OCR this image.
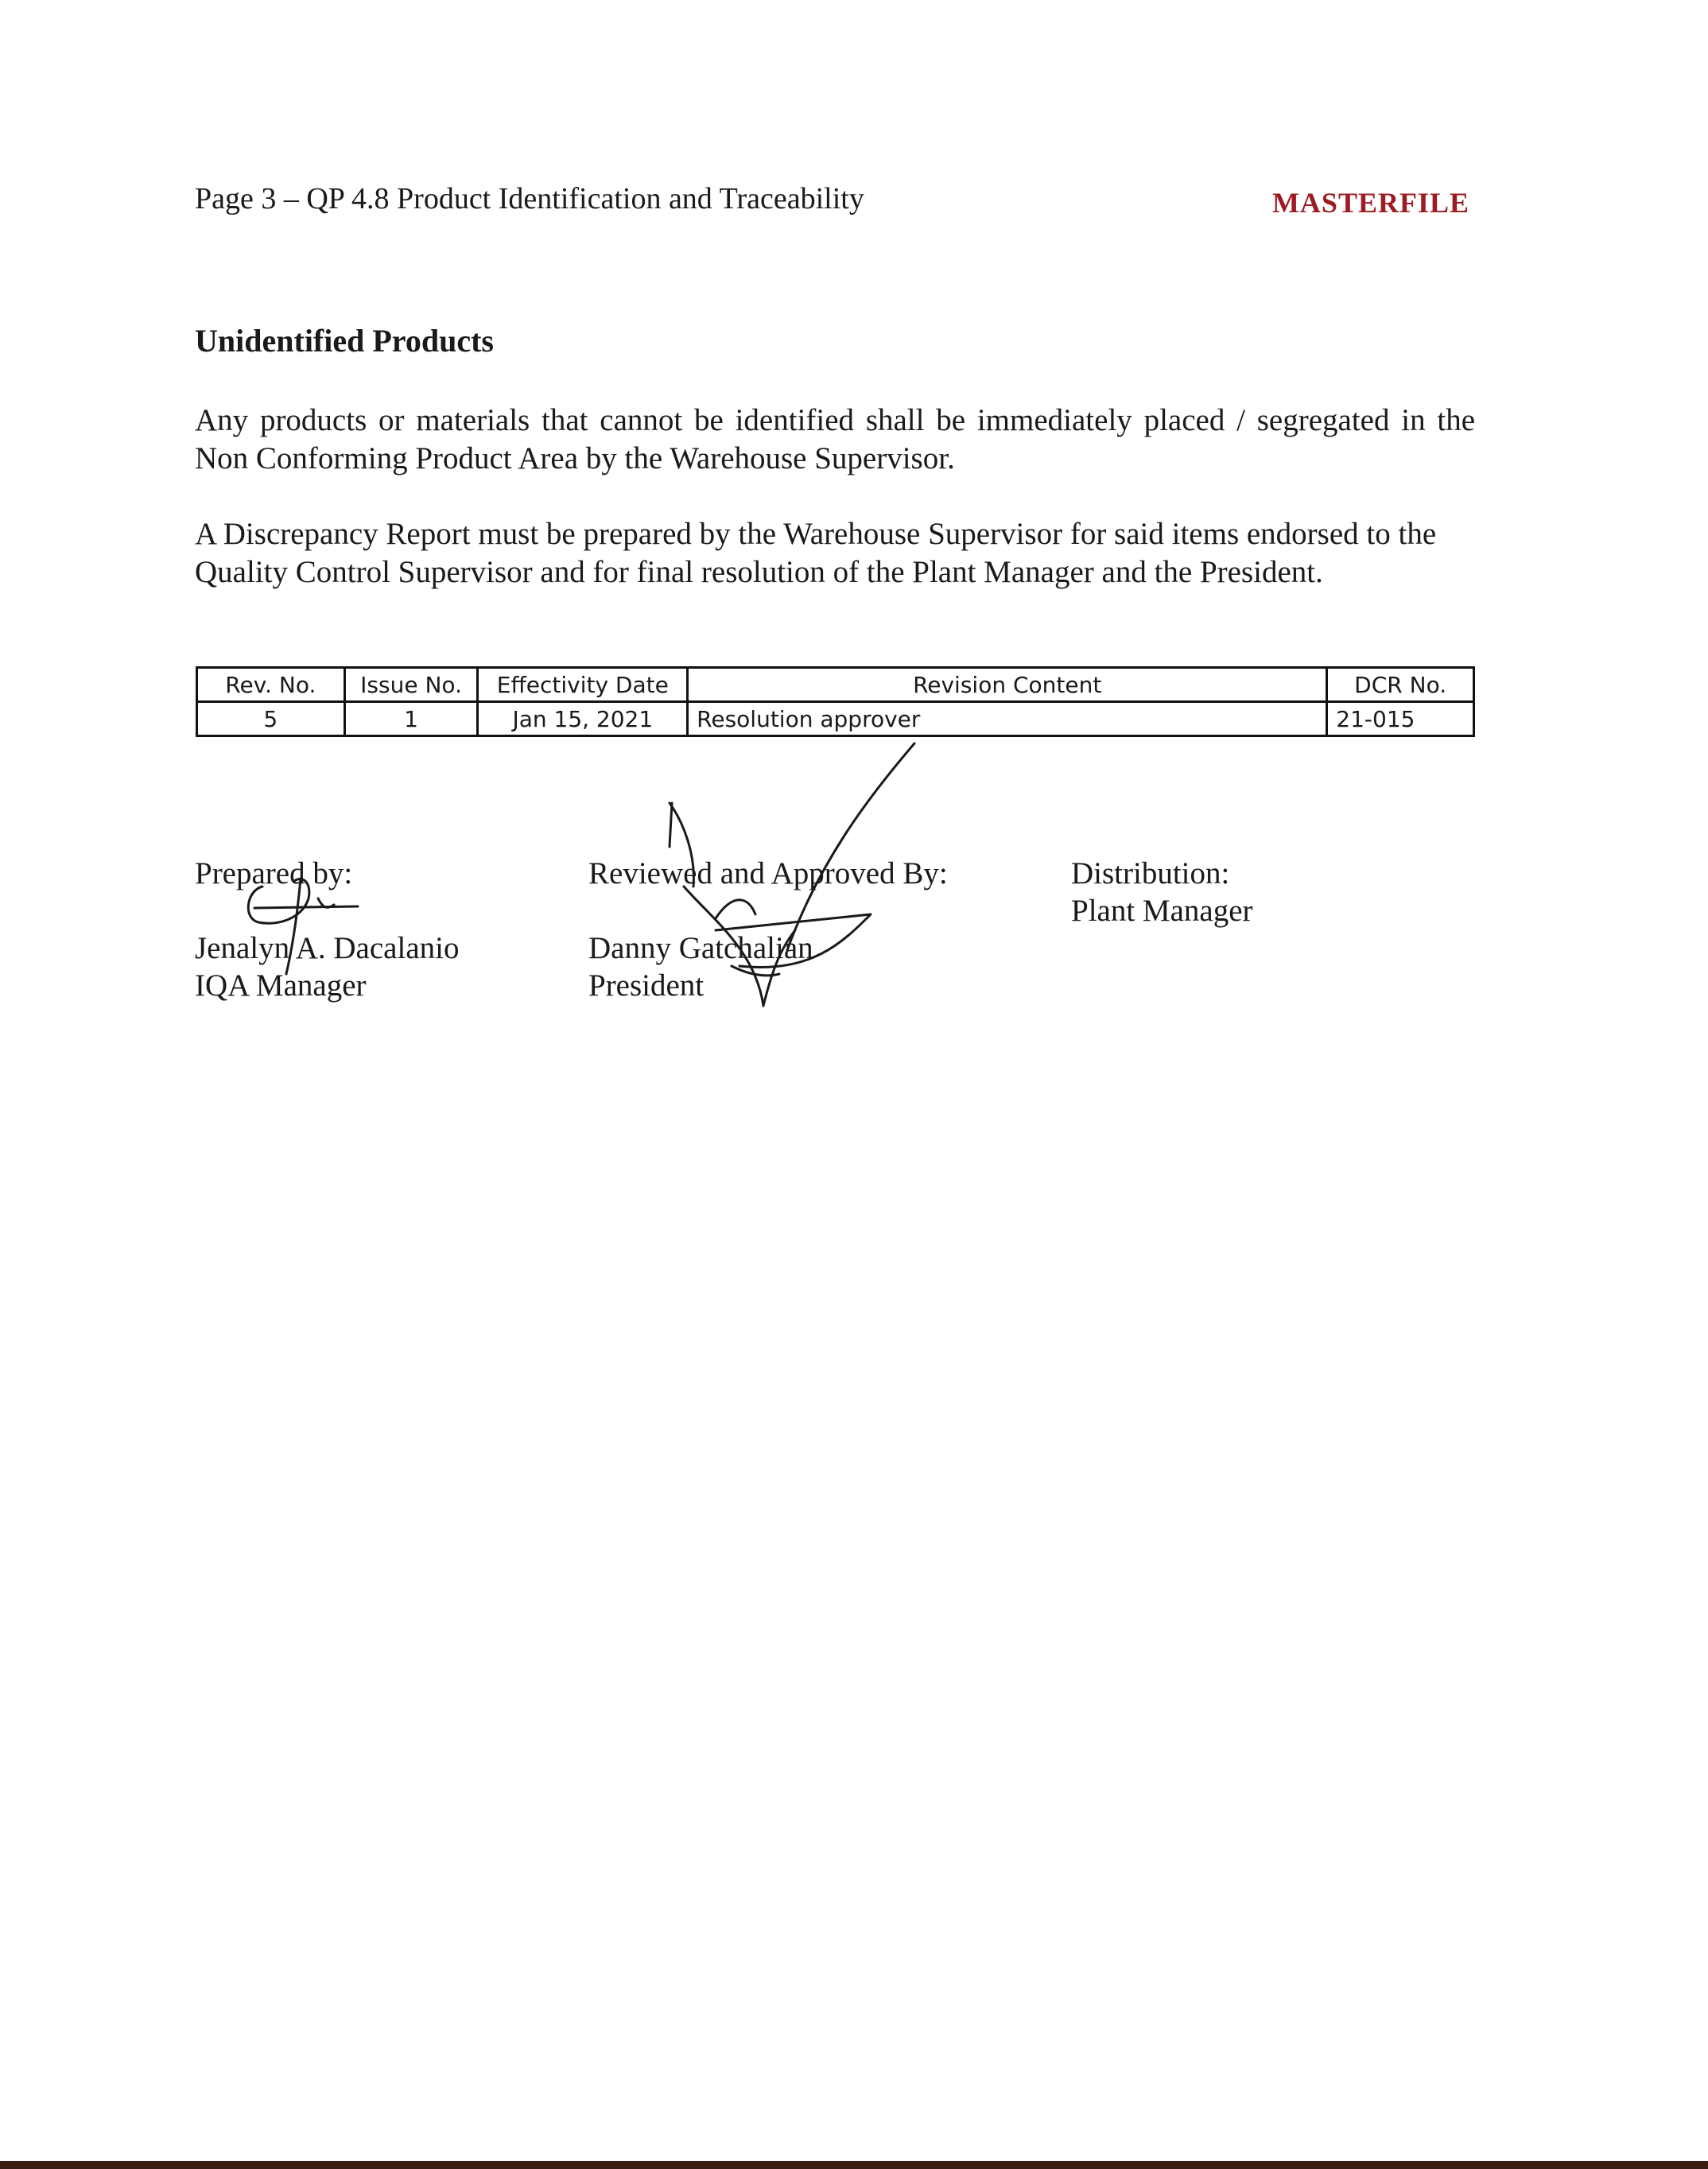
Page 3 – QP 4.8 Product Identification and Traceability	MASTERFILE
Unidentified Products
Any products or materials that cannot be identified shall be immediately placed / segregated in the Non Conforming Product Area by the Warehouse Supervisor.
A Discrepancy Report must be prepared by the Warehouse Supervisor for said items endorsed to the Quality Control Supervisor and for final resolution of the Plant Manager and the President.
Rev. No.	Issue No.	Effectivity Date	Revision Content	DCR No.
5	1	Jan 15, 2021	Resolution approver	21-015
Prepared by:
Jenalyn A. Dacalanio
IQA Manager
Reviewed and Approved By:
Danny Gatchalian
President
Distribution:
Plant Manager
